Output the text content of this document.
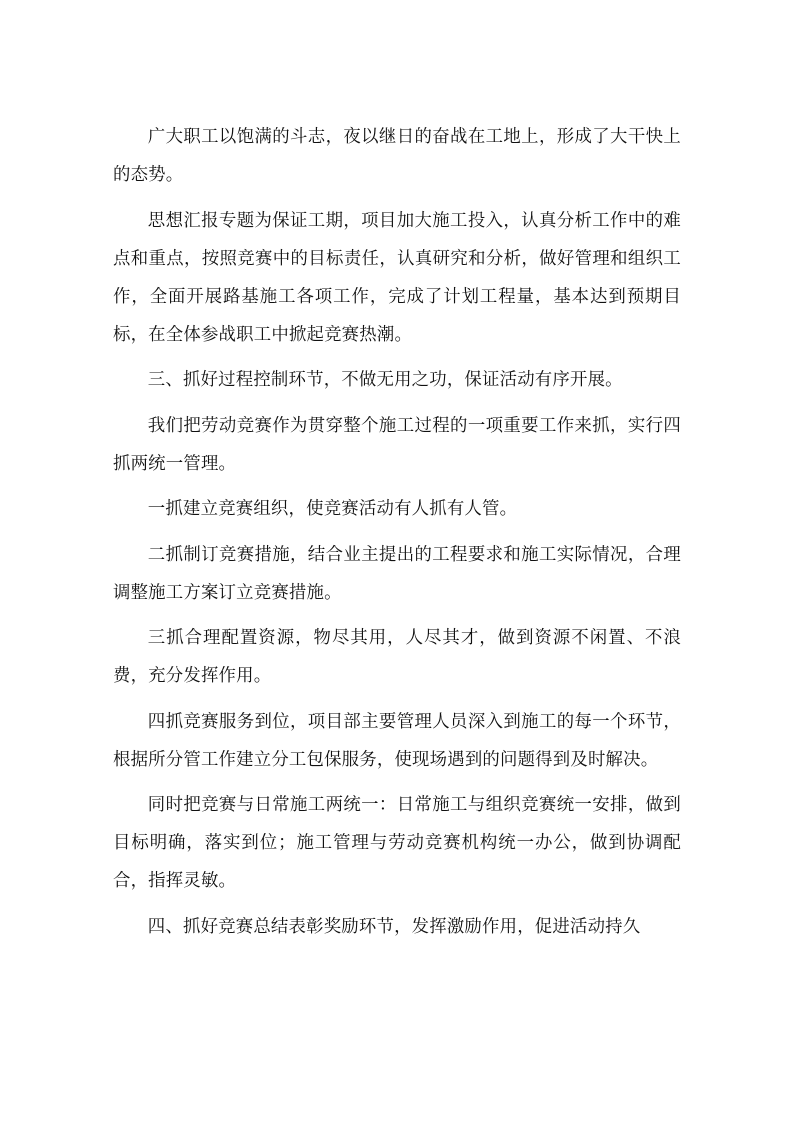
广大职工以饱满的斗志，夜以继日的奋战在工地上，形成了大干快上的态势。

思想汇报专题为保证工期，项目加大施工投入，认真分析工作中的难点和重点，按照竞赛中的目标责任，认真研究和分析，做好管理和组织工作，全面开展路基施工各项工作，完成了计划工程量，基本达到预期目标，在全体参战职工中掀起竞赛热潮。

三、抓好过程控制环节，不做无用之功，保证活动有序开展。

我们把劳动竞赛作为贯穿整个施工过程的一项重要工作来抓，实行四抓两统一管理。

一抓建立竞赛组织，使竞赛活动有人抓有人管。

二抓制订竞赛措施，结合业主提出的工程要求和施工实际情况，合理调整施工方案订立竞赛措施。

三抓合理配置资源，物尽其用，人尽其才，做到资源不闲置、不浪费，充分发挥作用。

四抓竞赛服务到位，项目部主要管理人员深入到施工的每一个环节，根据所分管工作建立分工包保服务，使现场遇到的问题得到及时解决。

同时把竞赛与日常施工两统一：日常施工与组织竞赛统一安排，做到目标明确，落实到位；施工管理与劳动竞赛机构统一办公，做到协调配合，指挥灵敏。

四、抓好竞赛总结表彰奖励环节，发挥激励作用，促进活动持久
